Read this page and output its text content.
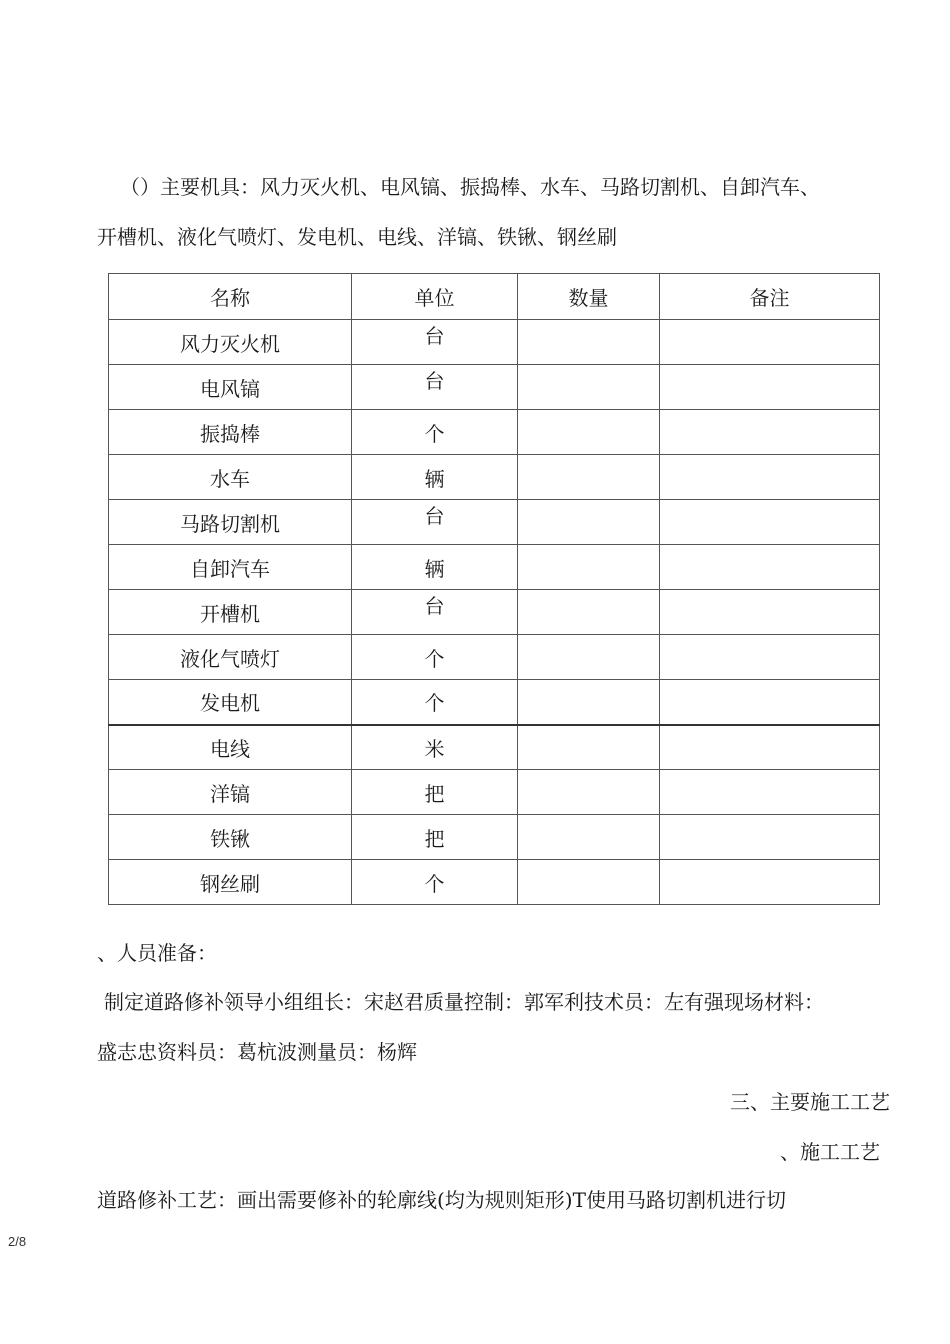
（）主要机具：风力灭火机、电风镐、振捣棒、水车、马路切割机、自卸汽车、
开槽机、液化气喷灯、发电机、电线、洋镐、铁锹、钢丝刷
名称	单位	数量	备注
风力灭火机	台		
电风镐	台		
振捣棒	个		
水车	辆		
马路切割机	台		
自卸汽车	辆		
开槽机	台		
液化气喷灯	个		
发电机	个		
电线	米		
洋镐	把		
铁锹	把		
钢丝刷	个		
、人员准备：
制定道路修补领导小组组长：宋赵君质量控制：郭军利技术员：左有强现场材料：
盛志忠资料员：葛杭波测量员：杨辉
三、主要施工工艺
、施工工艺
道路修补工艺：画出需要修补的轮廓线(均为规则矩形)T使用马路切割机进行切
2/8
